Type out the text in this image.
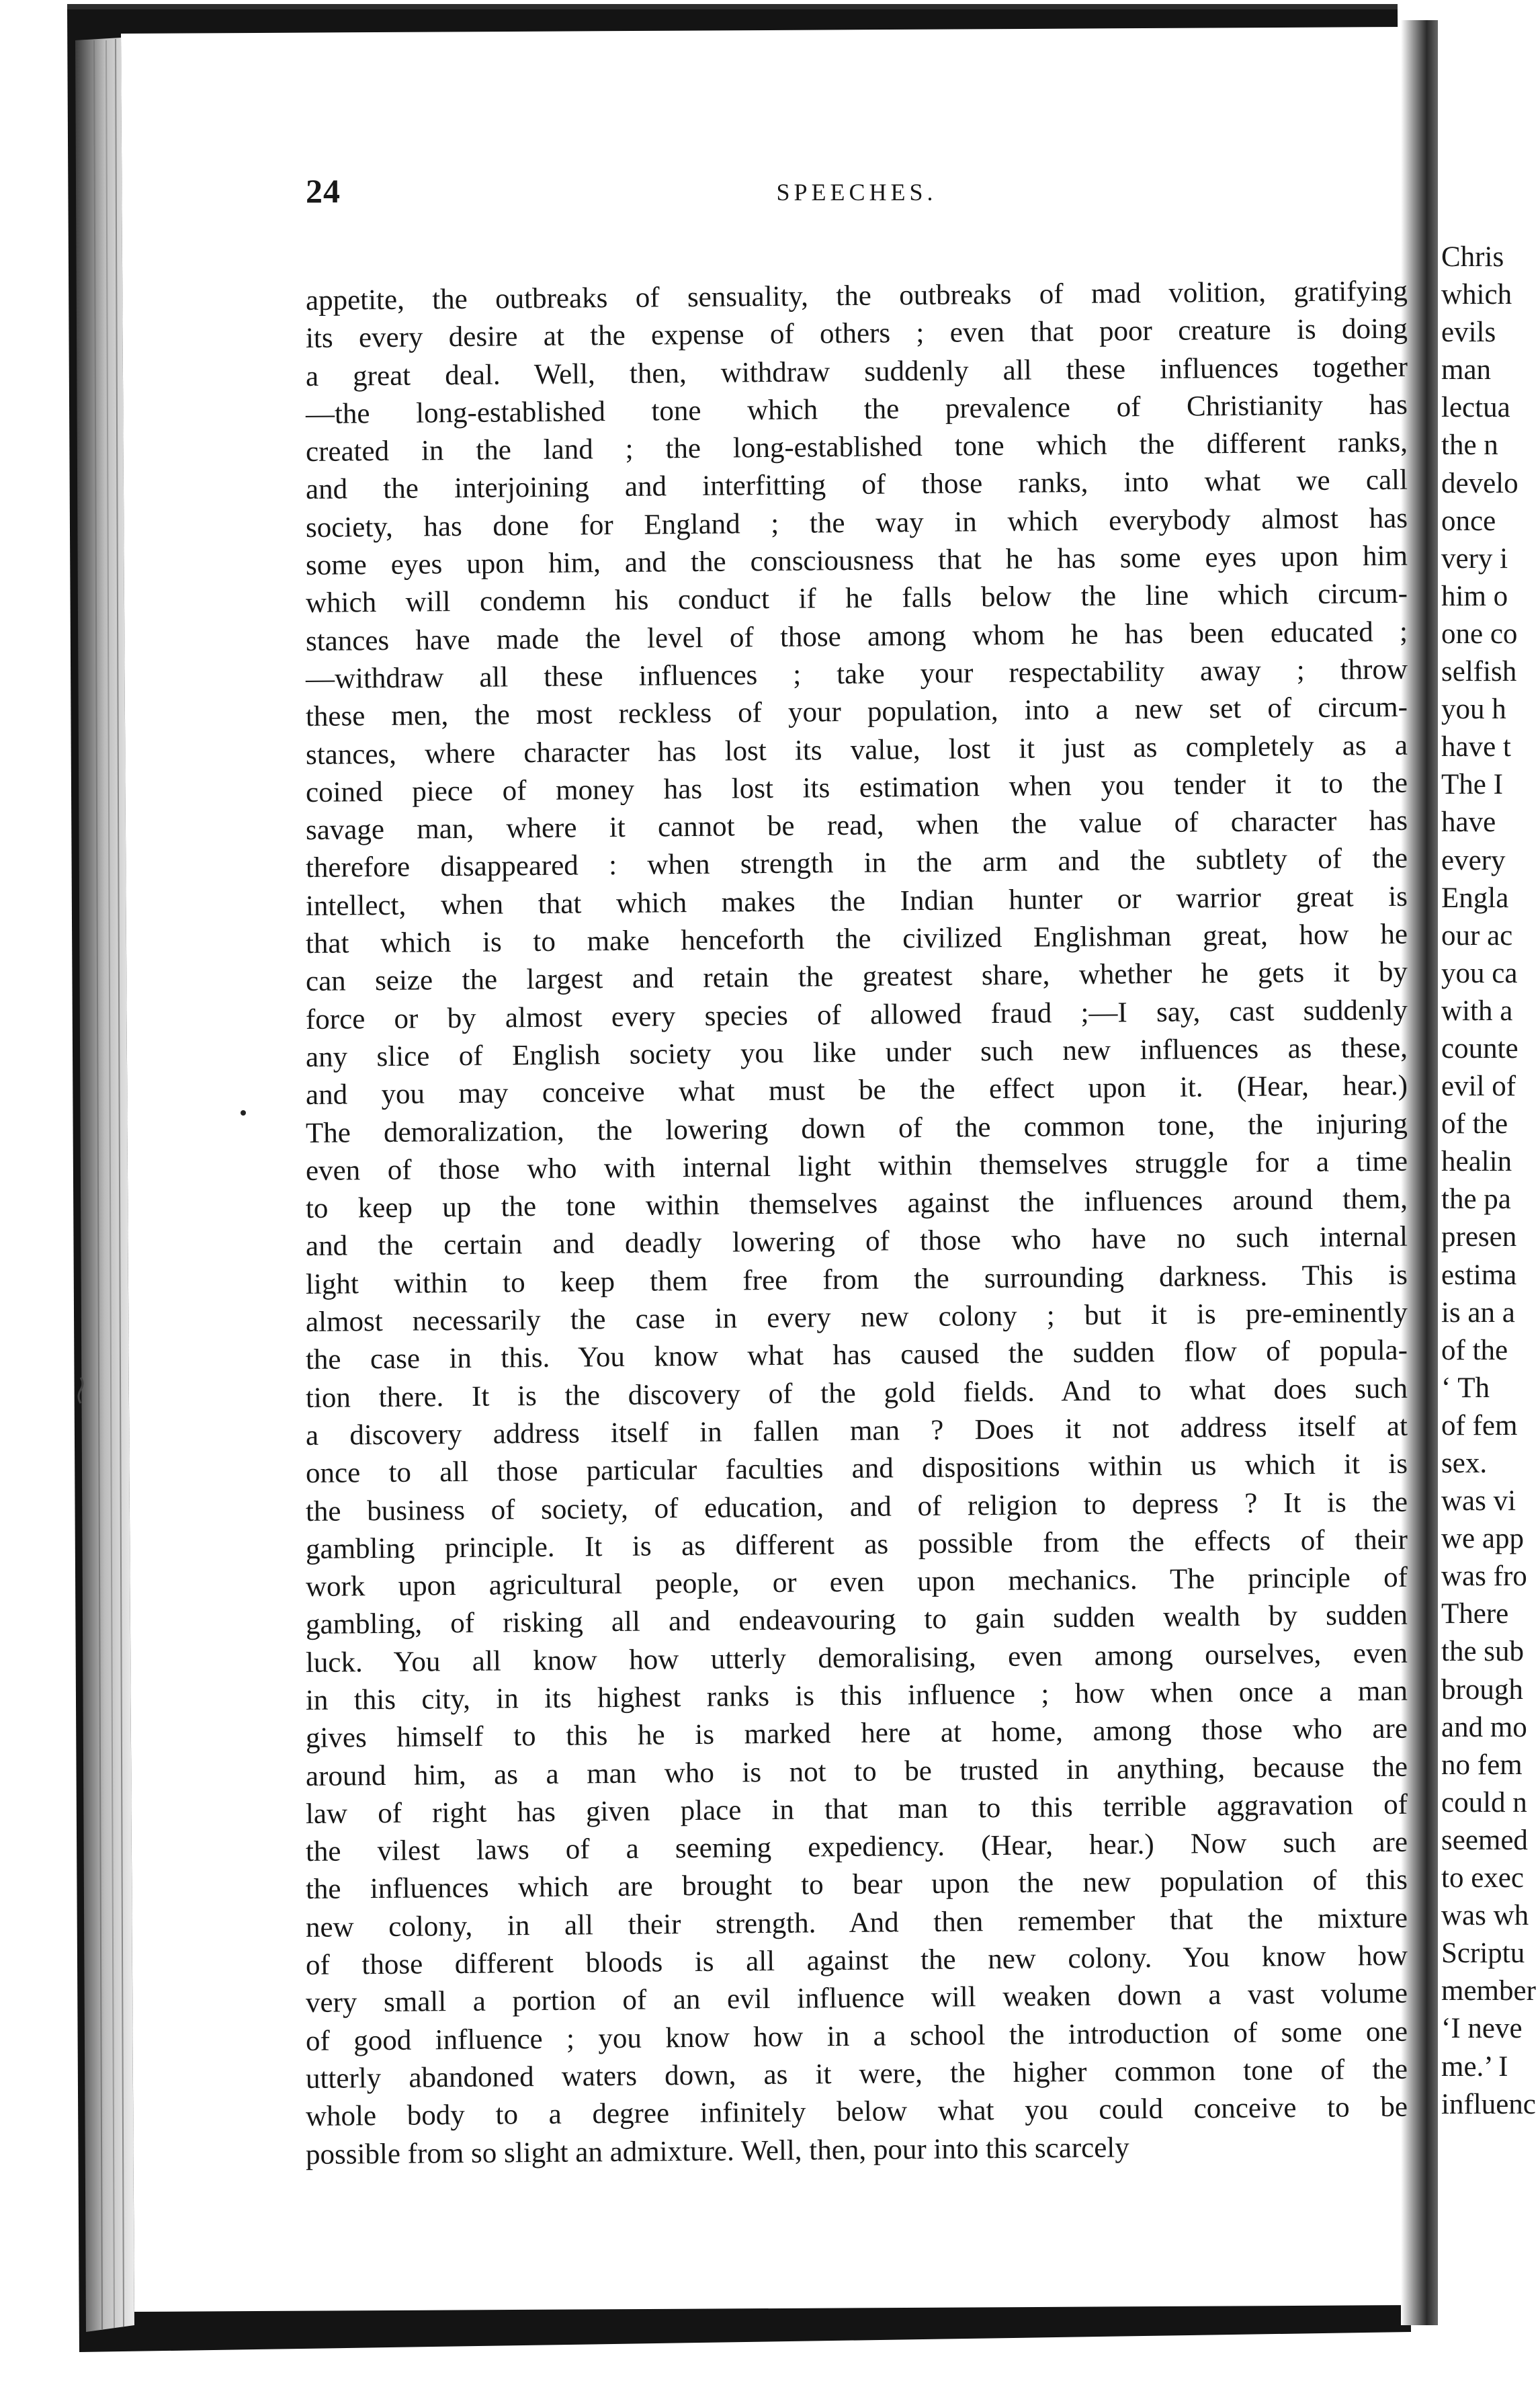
24	SPEECHES.
appetite, the outbreaks of sensuality, the outbreaks of mad volition, gratifying
its every desire at the expense of others ; even that poor creature is doing
a great deal. Well, then, withdraw suddenly all these influences together
—the long-established tone which the prevalence of Christianity has
created in the land ; the long-established tone which the different ranks,
and the interjoining and interfitting of those ranks, into what we call
society, has done for England ; the way in which everybody almost has
some eyes upon him, and the consciousness that he has some eyes upon him
which will condemn his conduct if he falls below the line which circum-
stances have made the level of those among whom he has been educated ;
—withdraw all these influences ; take your respectability away ; throw
these men, the most reckless of your population, into a new set of circum-
stances, where character has lost its value, lost it just as completely as a
coined piece of money has lost its estimation when you tender it to the
savage man, where it cannot be read, when the value of character has
therefore disappeared : when strength in the arm and the subtlety of the
intellect, when that which makes the Indian hunter or warrior great is
that which is to make henceforth the civilized Englishman great, how he
can seize the largest and retain the greatest share, whether he gets it by
force or by almost every species of allowed fraud ;—I say, cast suddenly
any slice of English society you like under such new influences as these,
and you may conceive what must be the effect upon it. (Hear, hear.)
The demoralization, the lowering down of the common tone, the injuring
even of those who with internal light within themselves struggle for a time
to keep up the tone within themselves against the influences around them,
and the certain and deadly lowering of those who have no such internal
light within to keep them free from the surrounding darkness. This is
almost necessarily the case in every new colony ; but it is pre-eminently
the case in this. You know what has caused the sudden flow of popula-
tion there. It is the discovery of the gold fields. And to what does such
a discovery address itself in fallen man ? Does it not address itself at
once to all those particular faculties and dispositions within us which it is
the business of society, of education, and of religion to depress ? It is the
gambling principle. It is as different as possible from the effects of their
work upon agricultural people, or even upon mechanics. The principle of
gambling, of risking all and endeavouring to gain sudden wealth by sudden
luck. You all know how utterly demoralising, even among ourselves, even
in this city, in its highest ranks is this influence ; how when once a man
gives himself to this he is marked here at home, among those who are
around him, as a man who is not to be trusted in anything, because the
law of right has given place in that man to this terrible aggravation of
the vilest laws of a seeming expediency. (Hear, hear.) Now such are
the influences which are brought to bear upon the new population of this
new colony, in all their strength. And then remember that the mixture
of those different bloods is all against the new colony. You know how
very small a portion of an evil influence will weaken down a vast volume
of good influence ; you know how in a school the introduction of some one
utterly abandoned waters down, as it were, the higher common tone of the
whole body to a degree infinitely below what you could conceive to be
possible from so slight an admixture. Well, then, pour into this scarcely
Chris
which
evils
man
lectua
the n
develo
once
very i
him o
one co
selfish
you h
have t
The I
have
every
Engla
our ac
you ca
with a
counte
evil of
of the
healin
the pa
presen
estima
is an a
of the
‘ Th
of fem
sex.
was vi
we app
was fro
There
the sub
brough
and mo
no fem
could n
seemed
to exec
was wh
Scriptu
member
‘I neve
me.’ I
influenc
